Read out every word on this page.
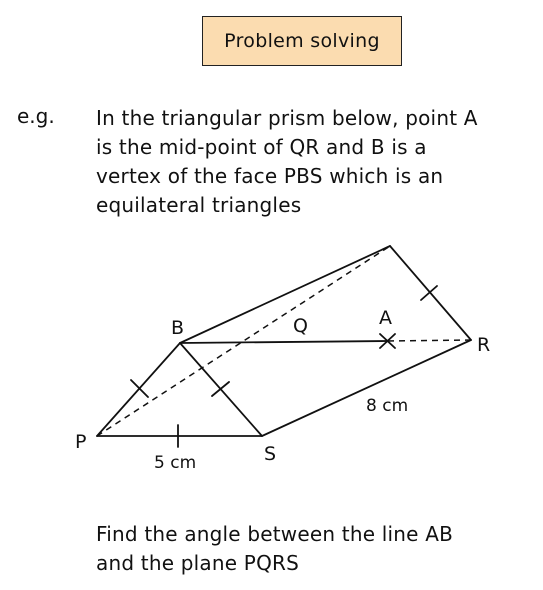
Problem solving
e.g. In the triangular prism below, point A
is the mid-point of QR and B is a
vertex of the face PBS which is an
equilateral triangles
B	Q	A
R
P
S
8 cm
5 cm
Find the angle between the line AB
and the plane PQRS
